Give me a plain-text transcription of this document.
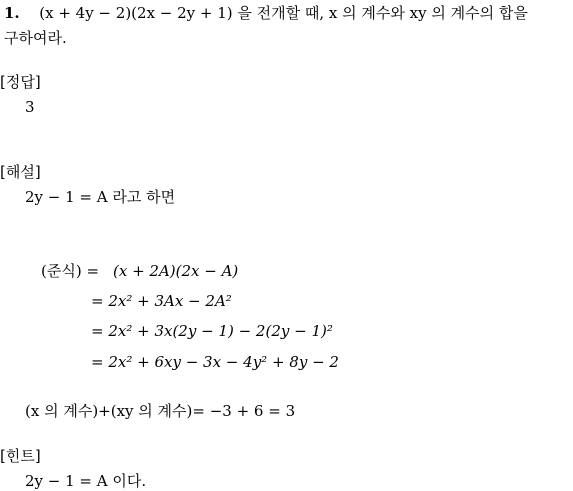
1. (x + 4y − 2)(2x − 2y + 1) 을 전개할 때, x 의 계수와 xy 의 계수의 합을
구하여라.
[정답]
3
[해설]
2y − 1 = A 라고 하면
(준식) = (x + 2A)(2x − A)
= 2x² + 3Ax − 2A²
= 2x² + 3x(2y − 1) − 2(2y − 1)²
= 2x² + 6xy − 3x − 4y² + 8y − 2
(x 의 계수)+(xy 의 계수)= −3 + 6 = 3
[힌트]
2y − 1 = A 이다.
